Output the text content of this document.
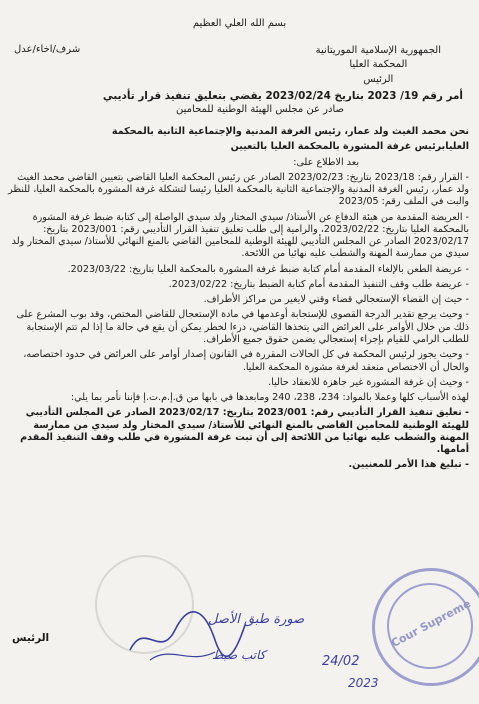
بسم الله العلي العظيم
الجمهورية الإسلامية الموريتانية
المحكمة العليا
الرئيس
شرف/اخاء/عدل
أمر رقم 19/ 2023 بتاريخ 2023/02/24 يقضي بتعليق تنفيذ قرار تأديبي
صادر عن مجلس الهيئة الوطنية للمحامين

نحن محمد الغيث ولد عمار، رئيس الغرفة المدنية والإجتماعية الثانية بالمحكمة

العليابرئيس غرفة المشورة بالمحكمة العليا بالتعيين

بعد الاطلاع على:

- القرار رقم: 2023/18 بتاريخ: 2023/02/23 الصادر عن رئيس المحكمة العليا القاضي بتعيين القاضي محمد الغيث ولد عمار، رئيس الغرفة المدنية والإجتماعية الثانية بالمحكمة العليا رئيسا لتشكلة غرفة المشورة بالمحكمة العليا، للنظر والبت في الملف رقم: 2023/05

- العريضة المقدمة من هيئة الدفاع عن الأستاذ/ سيدي المختار ولد سيدي الواصلة إلى كتابة ضبط غرفة المشورة بالمحكمة العليا بتاريخ: 2023/02/22، والرامية إلى طلب تعليق تنفيذ القرار التأديبي رقم: 2023/001 بتاريخ: 2023/02/17 الصادر عن المجلس التأديبي للهيئة الوطنية للمحامين القاضي بالمنع النهائي للأستاذ/ سيدي المختار ولد سيدي من ممارسة المهنة والشطب عليه نهائيا من اللائحة.

- عريضة الطعن بالإلغاء المقدمة أمام كتابة ضبط غرفة المشورة بالمحكمة العليا بتاريخ: 2023/03/22.

- عريضة طلب وقف التنفيذ المقدمة أمام كتابة الضبط بتاريخ: 2023/02/22.

- حيث إن القضاء الإستعجالي قضاء وقتي لايغير من مراكز الأطراف.

- وحيث يرجع تقدير الدرجة القصوى للإستجابة أوعدمها في مادة الإستعجال للقاضي المختص، وقد بوب المشرع على ذلك من خلال الأوامر على العرائض التي يتخذها القاضي، درءا لخطر يمكن أن يقع في حالة ما إذا لم تتم الإستجابة للطلب الرامي للقيام بإجراء إستعجالي يضمن حقوق جميع الأطراف.

- وحيث يجوز لرئيس المحكمة في كل الحالات المقررة في القانون إصدار أوامر على العرائض في حدود اختصاصه، والحال أن الاختصاص منعقد لغرفة مشورة المحكمة العليا.

- وحيث إن غرفة المشورة غير جاهزة للانعقاد حاليا.

لهذه الأسباب كلها وعملا بالمواد: 234، 238، 240 ومابعدها في بابها من ق.إ.م.ت.إ فإننا نأمر بما يلي:

- تعليق تنفيذ القرار التأديبي رقم: 2023/001 بتاريخ: 2023/02/17 الصادر عن المجلس التأديبي للهيئة الوطنية للمحامين القاضي بالمنع النهائي للأستاذ/ سيدي المختار ولد سيدي من ممارسة المهنة والشطب عليه نهائيا من اللائحة إلى أن تبت غرفة المشورة في طلب وقف التنفيذ المقدم أمامها.

- تبليغ هذا الأمر للمعنيين.

صورة طبق الأصل
كاتب ضبط	24/02
2023
Cour Supreme
الرئيس
